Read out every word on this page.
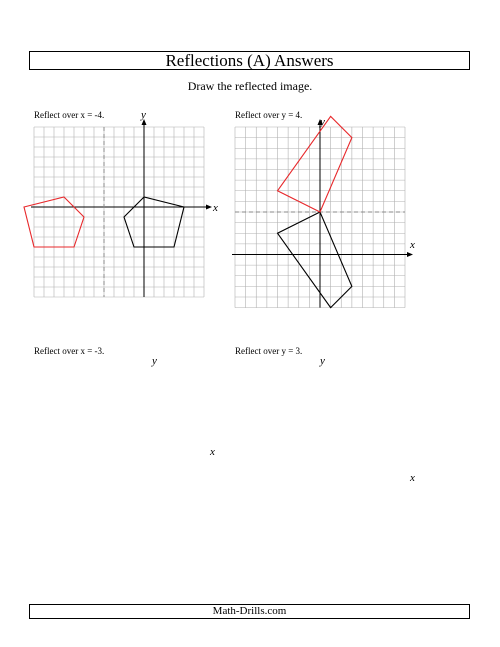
Reflections (A) Answers
Draw the reflected image.
Reflect over x = -4.	Reflect over y = 4.
Reflect over x = -3.	Reflect over y = 3.
x
y
x
y
x
y
x
y
Math-Drills.com
